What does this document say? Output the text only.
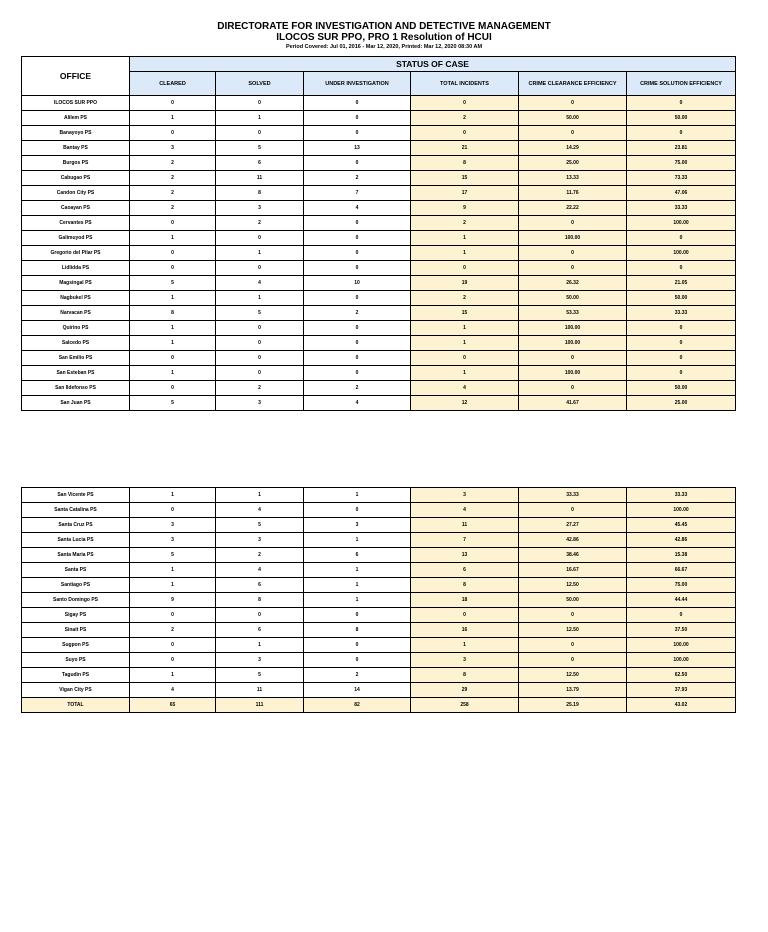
DIRECTORATE FOR INVESTIGATION AND DETECTIVE MANAGEMENT
ILOCOS SUR PPO, PRO 1 Resolution of HCUI
Period Covered: Jul 01, 2016 - Mar 12, 2020, Printed: Mar 12, 2020 08:30 AM
OFFICE	STATUS OF CASE					
	CLEARED	SOLVED	UNDER INVESTIGATION	TOTAL INCIDENTS	CRIME CLEARANCE EFFICIENCY	CRIME SOLUTION EFFICIENCY
ILOCOS SUR PPO	0	0	0	0	0	0
Alilem PS	1	1	0	2	50.00	50.00
Banayoyo PS	0	0	0	0	0	0
Bantay PS	3	5	13	21	14.29	23.81
Burgos PS	2	6	0	8	25.00	75.00
Cabugao PS	2	11	2	15	13.33	73.33
Candon City PS	2	8	7	17	11.76	47.06
Caoayan PS	2	3	4	9	22.22	33.33
Cervantes PS	0	2	0	2	0	100.00
Galimuyod PS	1	0	0	1	100.00	0
Gregorio del Pilar PS	0	1	0	1	0	100.00
Lidlidda PS	0	0	0	0	0	0
Magsingal PS	5	4	10	19	26.32	21.05
Nagbukel PS	1	1	0	2	50.00	50.00
Narvacan PS	8	5	2	15	53.33	33.33
Quirino PS	1	0	0	1	100.00	0
Salcedo PS	1	0	0	1	100.00	0
San Emilio PS	0	0	0	0	0	0
San Esteban PS	1	0	0	1	100.00	0
San Ildefonso PS	0	2	2	4	0	50.00
San Juan PS	5	3	4	12	41.67	25.00
San Vicente PS	1	1	1	3	33.33	33.33
Santa Catalina PS	0	4	0	4	0	100.00
Santa Cruz PS	3	5	3	11	27.27	45.45
Santa Lucia PS	3	3	1	7	42.86	42.86
Santa Maria PS	5	2	6	13	38.46	15.38
Santa PS	1	4	1	6	16.67	66.67
Santiago PS	1	6	1	8	12.50	75.00
Santo Domingo PS	9	8	1	18	50.00	44.44
Sigay PS	0	0	0	0	0	0
Sinait PS	2	6	8	16	12.50	37.50
Sugpon PS	0	1	0	1	0	100.00
Suyo PS	0	3	0	3	0	100.00
Tagudin PS	1	5	2	8	12.50	62.50
Vigan City PS	4	11	14	29	13.79	37.93
TOTAL	65	111	82	258	25.19	43.02
